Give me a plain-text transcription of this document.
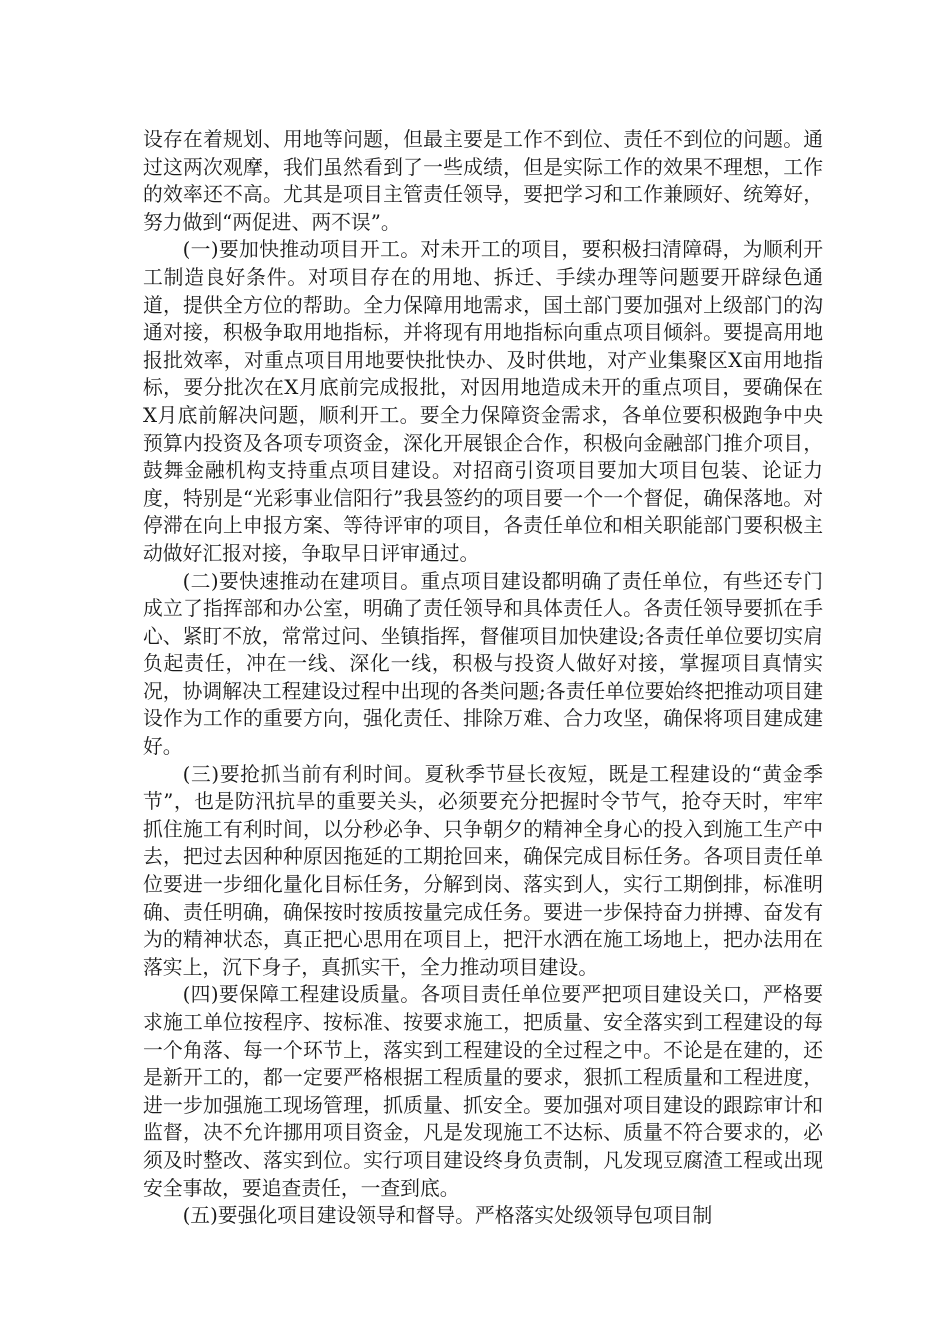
设存在着规划、用地等问题，但最主要是工作不到位、责任不到位的问题。通过这两次观摩，我们虽然看到了一些成绩，但是实际工作的效果不理想，工作的效率还不高。尤其是项目主管责任领导，要把学习和工作兼顾好、统筹好，努力做到“两促进、两不误”。

(一)要加快推动项目开工。对未开工的项目，要积极扫清障碍，为顺利开工制造良好条件。对项目存在的用地、拆迁、手续办理等问题要开辟绿色通道，提供全方位的帮助。全力保障用地需求，国土部门要加强对上级部门的沟通对接，积极争取用地指标，并将现有用地指标向重点项目倾斜。要提高用地报批效率，对重点项目用地要快批快办、及时供地，对产业集聚区X亩用地指标，要分批次在X月底前完成报批，对因用地造成未开的重点项目，要确保在X月底前解决问题，顺利开工。要全力保障资金需求，各单位要积极跑争中央预算内投资及各项专项资金，深化开展银企合作，积极向金融部门推介项目，鼓舞金融机构支持重点项目建设。对招商引资项目要加大项目包装、论证力度，特别是“光彩事业信阳行”我县签约的项目要一个一个督促，确保落地。对停滞在向上申报方案、等待评审的项目，各责任单位和相关职能部门要积极主动做好汇报对接，争取早日评审通过。

(二)要快速推动在建项目。重点项目建设都明确了责任单位，有些还专门成立了指挥部和办公室，明确了责任领导和具体责任人。各责任领导要抓在手心、紧盯不放，常常过问、坐镇指挥，督催项目加快建设;各责任单位要切实肩负起责任，冲在一线、深化一线，积极与投资人做好对接，掌握项目真情实况，协调解决工程建设过程中出现的各类问题;各责任单位要始终把推动项目建设作为工作的重要方向，强化责任、排除万难、合力攻坚，确保将项目建成建好。

(三)要抢抓当前有利时间。夏秋季节昼长夜短，既是工程建设的“黄金季节”，也是防汛抗旱的重要关头，必须要充分把握时令节气，抢夺天时，牢牢抓住施工有利时间，以分秒必争、只争朝夕的精神全身心的投入到施工生产中去，把过去因种种原因拖延的工期抢回来，确保完成目标任务。各项目责任单位要进一步细化量化目标任务，分解到岗、落实到人，实行工期倒排，标准明确、责任明确，确保按时按质按量完成任务。要进一步保持奋力拼搏、奋发有为的精神状态，真正把心思用在项目上，把汗水洒在施工场地上，把办法用在落实上，沉下身子，真抓实干，全力推动项目建设。

(四)要保障工程建设质量。各项目责任单位要严把项目建设关口，严格要求施工单位按程序、按标准、按要求施工，把质量、安全落实到工程建设的每一个角落、每一个环节上，落实到工程建设的全过程之中。不论是在建的，还是新开工的，都一定要严格根据工程质量的要求，狠抓工程质量和工程进度，进一步加强施工现场管理，抓质量、抓安全。要加强对项目建设的跟踪审计和监督，决不允许挪用项目资金，凡是发现施工不达标、质量不符合要求的，必须及时整改、落实到位。实行项目建设终身负责制，凡发现豆腐渣工程或出现安全事故，要追查责任，一查到底。

(五)要强化项目建设领导和督导。严格落实处级领导包项目制
